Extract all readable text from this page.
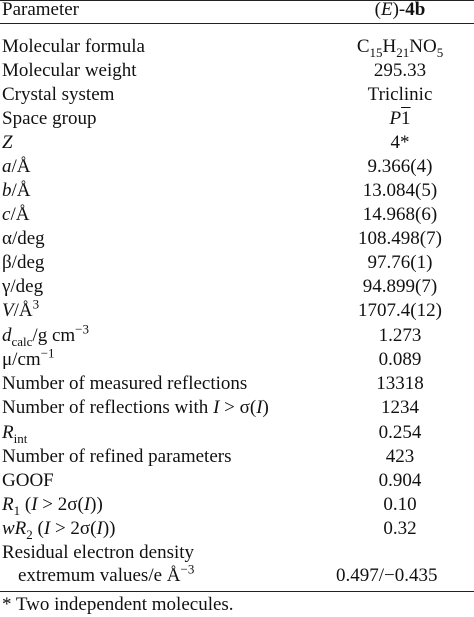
Parameter	(E)-4b
Molecular formula	$C_{15}H_{21}NO_5$
Molecular weight	295.33
Crystal system	Triclinic
Space group	P1
Z	4*
a/Å	9.366(4)
b/Å	13.084(5)
c/Å	14.968(6)
α/deg	108.498(7)
β/deg	97.76(1)
γ/deg	94.899(7)
$V/Å^3$	1707.4(12)
$d_{calc}/g$ $cm^{-3}$	1.273
$\mu/cm^{-1}$	0.089
Number of measured reflections	13318
Number of reflections with I > σ(I)	1234
$R_{int}$	0.254
Number of refined parameters	423
GOOF	0.904
$R_1$ (I > 2σ(I))	0.10
$wR_2$ (I > 2σ(I))	0.32
Residual electron density
extremum values/e $Å^{-3}$	0.497/−0.435
* Two independent molecules.
